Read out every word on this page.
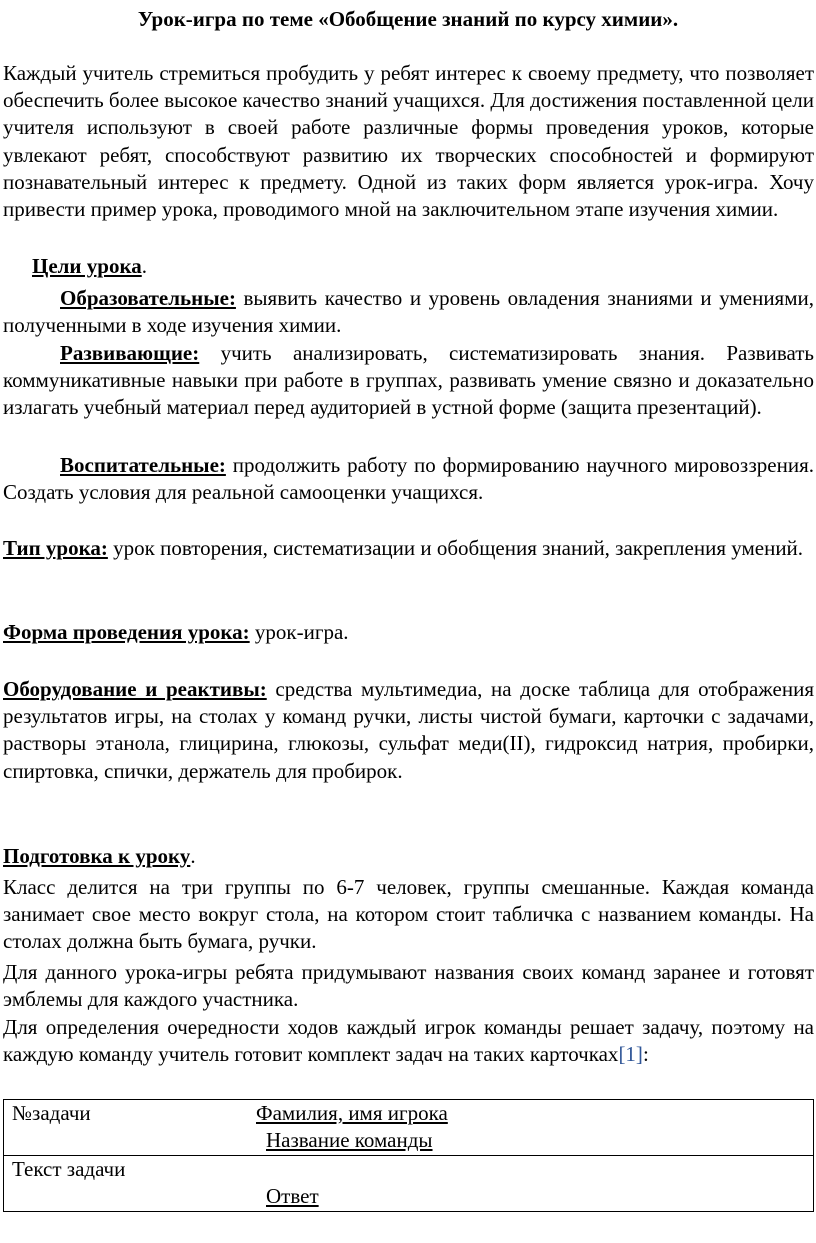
Урок-игра по теме «Обобщение знаний по курсу химии».
Каждый учитель стремиться пробудить у ребят интерес к своему предмету, что позволяет обеспечить более высокое качество знаний учащихся. Для достижения поставленной цели учителя используют в своей работе различные формы проведения уроков, которые увлекают ребят, способствуют развитию их творческих способностей и формируют познавательный интерес к предмету. Одной из таких форм является урок-игра. Хочу привести пример урока, проводимого мной на заключительном этапе изучения химии.
Цели урока.
Образовательные: выявить качество и уровень овладения знаниями и умениями, полученными в ходе изучения химии.
Развивающие: учить анализировать, систематизировать знания. Развивать коммуникативные навыки при работе в группах, развивать умение связно и доказательно излагать учебный материал перед аудиторией в устной форме (защита презентаций).
Воспитательные: продолжить работу по формированию научного мировоззрения. Создать условия для реальной самооценки учащихся.
Тип урока: урок повторения, систематизации и обобщения знаний, закрепления умений.
Форма проведения урока: урок-игра.
Оборудование и реактивы: средства мультимедиа, на доске таблица для отображения результатов игры, на столах у команд ручки, листы чистой бумаги, карточки с задачами, растворы этанола, глицирина, глюкозы, сульфат меди(II), гидроксид натрия, пробирки, спиртовка, спички, держатель для пробирок.
Подготовка к уроку.
Класс делится на три группы по 6-7 человек, группы смешанные. Каждая команда занимает свое место вокруг стола, на котором стоит табличка с названием команды. На столах должна быть бумага, ручки.
Для данного урока-игры ребята придумывают названия своих команд заранее и готовят эмблемы для каждого участника.
Для определения очередности ходов каждый игрок команды решает задачу, поэтому на каждую команду учитель готовит комплект задач на таких карточках[1]:
№задачи	Фамилия, имя игрока
Название команды

Текст задачи
Ответ
